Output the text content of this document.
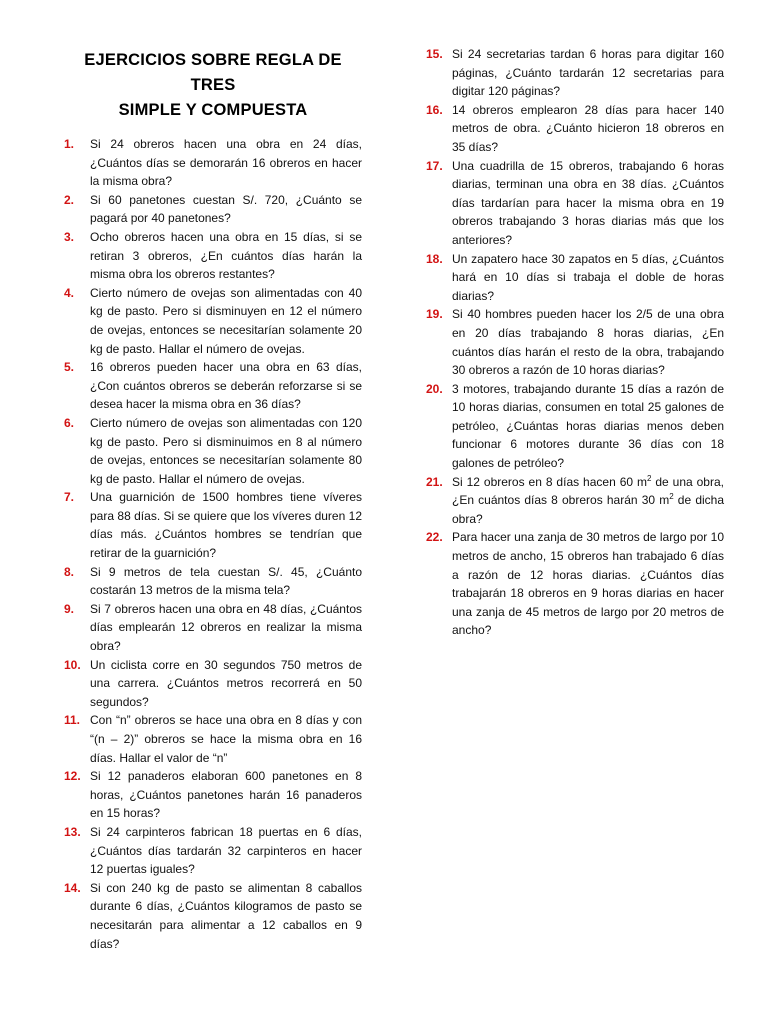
EJERCICIOS SOBRE REGLA DE TRES
SIMPLE Y COMPUESTA
1.	Si 24 obreros hacen una obra en 24 días, ¿Cuántos días se demorarán 16 obreros en hacer la misma obra?
2.	Si 60 panetones cuestan S/. 720, ¿Cuánto se pagará por 40 panetones?
3.	Ocho obreros hacen una obra en 15 días, si se retiran 3 obreros, ¿En cuántos días harán la misma obra los obreros restantes?
4.	Cierto número de ovejas son alimentadas con 40 kg de pasto. Pero si disminuyen en 12 el número de ovejas, entonces se necesitarían solamente 20 kg de pasto. Hallar el número de ovejas.
5.	16 obreros pueden hacer una obra en 63 días, ¿Con cuántos obreros se deberán reforzarse si se desea hacer la misma obra en 36 días?
6.	Cierto número de ovejas son alimentadas con 120 kg de pasto. Pero si disminuimos en 8 al número de ovejas, entonces se necesitarían solamente 80 kg de pasto. Hallar el número de ovejas.
7.	Una guarnición de 1500 hombres tiene víveres para 88 días. Si se quiere que los víveres duren 12 días más. ¿Cuántos hombres se tendrían que retirar de la guarnición?
8.	Si 9 metros de tela cuestan S/. 45, ¿Cuánto costarán 13 metros de la misma tela?
9.	Si 7 obreros hacen una obra en 48 días, ¿Cuántos días emplearán 12 obreros en realizar la misma obra?
10. Un ciclista corre en 30 segundos 750 metros de una carrera. ¿Cuántos metros recorrerá en 50 segundos?
11. Con “n” obreros se hace una obra en 8 días y con “(n – 2)” obreros se hace la misma obra en 16 días. Hallar el valor de “n”
12. Si 12 panaderos elaboran 600 panetones en 8 horas, ¿Cuántos panetones harán 16 panaderos en 15 horas?
13. Si 24 carpinteros fabrican 18 puertas en 6 días, ¿Cuántos días tardarán 32 carpinteros en hacer 12 puertas iguales?
14. Si con 240 kg de pasto se alimentan 8 caballos durante 6 días, ¿Cuántos kilogramos de pasto se necesitarán para alimentar a 12 caballos en 9 días?
15. Si 24 secretarias tardan 6 horas para digitar 160 páginas, ¿Cuánto tardarán 12 secretarias para digitar 120 páginas?
16. 14 obreros emplearon 28 días para hacer 140 metros de obra. ¿Cuánto hicieron 18 obreros en 35 días?
17. Una cuadrilla de 15 obreros, trabajando 6 horas diarias, terminan una obra en 38 días. ¿Cuántos días tardarían para hacer la misma obra en 19 obreros trabajando 3 horas diarias más que los anteriores?
18. Un zapatero hace 30 zapatos en 5 días, ¿Cuántos hará en 10 días si trabaja el doble de horas diarias?
19. Si 40 hombres pueden hacer los 2/5 de una obra en 20 días trabajando 8 horas diarias, ¿En cuántos días harán el resto de la obra, trabajando 30 obreros a razón de 10 horas diarias?
20. 3 motores, trabajando durante 15 días a razón de 10 horas diarias, consumen en total 25 galones de petróleo, ¿Cuántas horas diarias menos deben funcionar 6 motores durante 36 días con 18 galones de petróleo?
21. Si 12 obreros en 8 días hacen 60 $m^2$ de una obra, ¿En cuántos días 8 obreros harán 30 $m^2$ de dicha obra?
22. Para hacer una zanja de 30 metros de largo por 10 metros de ancho, 15 obreros han trabajado 6 días a razón de 12 horas diarias. ¿Cuántos días trabajarán 18 obreros en 9 horas diarias en hacer una zanja de 45 metros de largo por 20 metros de ancho?
